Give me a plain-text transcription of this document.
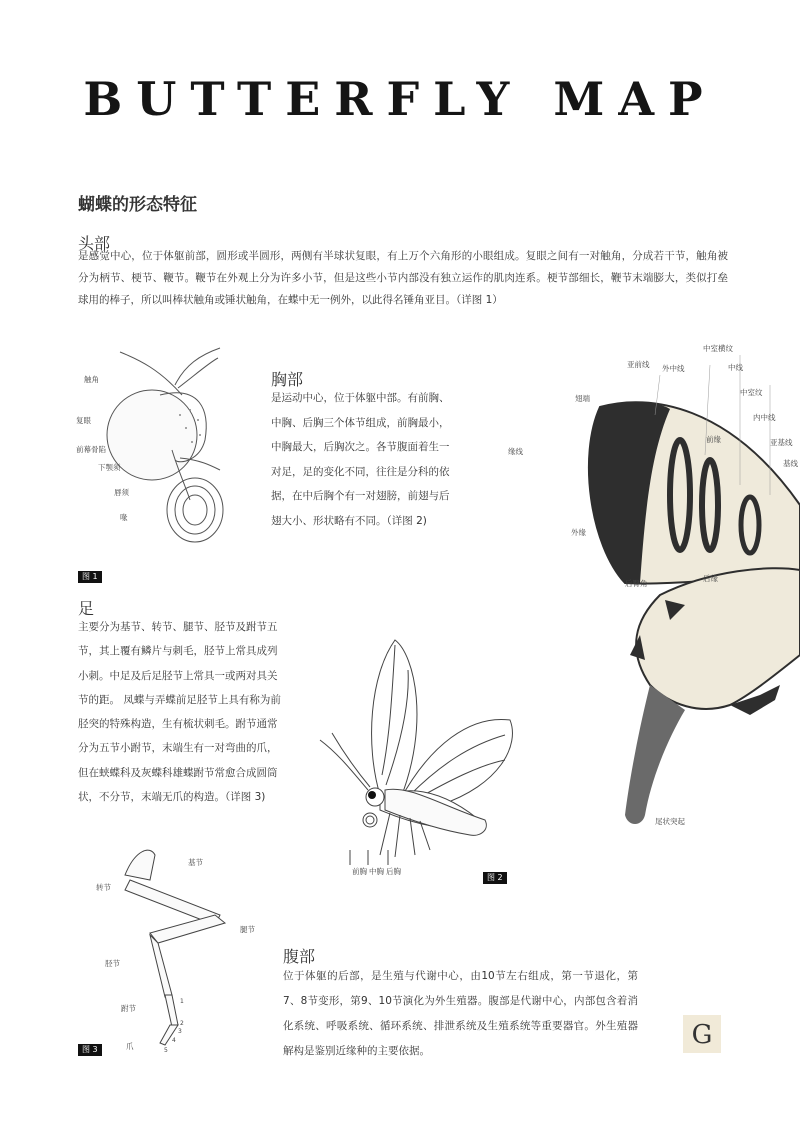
BUTTERFLY MAP
蝴蝶的形态特征
头部
是感觉中心，位于体躯前部，圆形或半圆形，两侧有半球状复眼，有上万个六角形的小眼组成。复眼之间有一对触角，分成若干节，触角被分为柄节、梗节、鞭节。鞭节在外观上分为许多小节，但是这些小节内部没有独立运作的肌肉连系。梗节部细长，鞭节末端膨大，类似打垒球用的棒子，所以叫棒状触角或锤状触角，在蝶中无一例外，以此得名锤角亚目。（详图 1）
触角
复眼
前幕骨陷
下颚须
唇须
喙
图 1
胸部
是运动中心，位于体躯中部。有前胸、中胸、后胸三个体节组成，前胸最小，中胸最大，后胸次之。各节腹面着生一对足，足的变化不同，往往是分科的依据，在中后胸个有一对翅膀，前翅与后翅大小、形状略有不同。（详图 2)
中室横纹
亚前线 外中线	中线
中室纹
翅端
内中线
前缘	亚基线
缘线
基线
外缘
后臀角
后缘
尾状突起
足
主要分为基节、转节、腿节、胫节及跗节五节，其上覆有鳞片与刺毛，胫节上常具成列小刺。中足及后足胫节上常具一或两对具关节的距。 凤蝶与弄蝶前足胫节上具有称为前胫突的特殊构造，生有梳状刺毛。跗节通常分为五节小跗节，末端生有一对弯曲的爪，但在蛱蝶科及灰蝶科雄蝶跗节常愈合成圆筒状，不分节，末端无爪的构造。（详图 3)
前胸 中胸 后胸
图 2
基节
转节
腿节
胫节
跗节
爪
1
2
3
4
5
图 3
腹部
位于体躯的后部，是生殖与代谢中心，由10节左右组成，第一节退化，第7、8节变形，第9、10节演化为外生殖器。腹部是代谢中心，内部包含着消化系统、呼吸系统、循环系统、排泄系统及生殖系统等重要器官。外生殖器解构是鉴别近缘种的主要依据。
G
